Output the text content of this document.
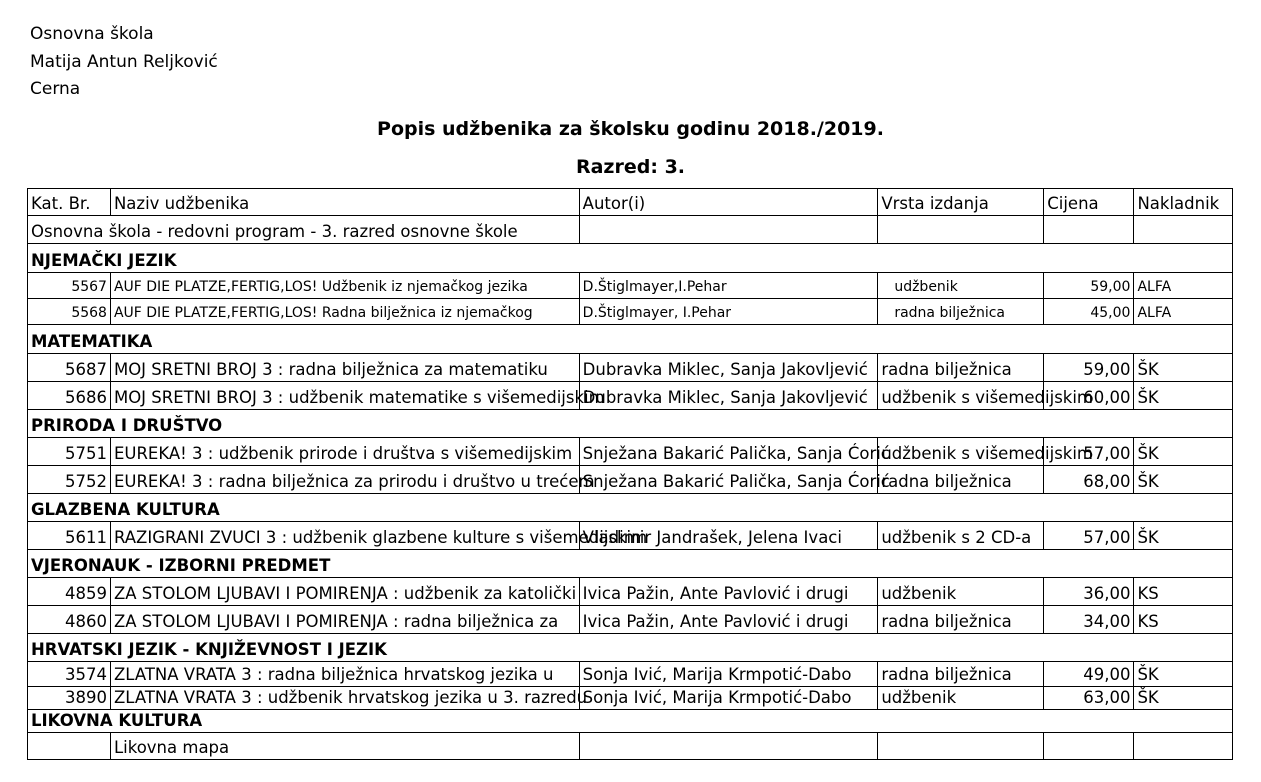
Osnovna škola
Matija Antun Reljković
Cerna
Popis udžbenika za školsku godinu 2018./2019.
Razred: 3.
Kat. Br.	Naziv udžbenika	Autor(i)	Vrsta izdanja	Cijena	Nakladnik
Osnovna škola - redovni program - 3. razred osnovne škole					
NJEMAČKI JEZIK					
5567	AUF DIE PLATZE,FERTIG,LOS! Udžbenik iz njemačkog jezika	D.Štiglmayer,I.Pehar	udžbenik	59,00	ALFA
5568	AUF DIE PLATZE,FERTIG,LOS! Radna bilježnica iz njemačkog	D.Štiglmayer, I.Pehar	radna bilježnica	45,00	ALFA
MATEMATIKA					
5687	MOJ SRETNI BROJ 3 : radna bilježnica za matematiku	Dubravka Miklec, Sanja Jakovljević	radna bilježnica	59,00	ŠK
5686	MOJ SRETNI BROJ 3 : udžbenik matematike s višemedijskim	Dubravka Miklec, Sanja Jakovljević	udžbenik s višemedijskim	60,00	ŠK
PRIRODA I DRUŠTVO					
5751	EUREKA! 3 : udžbenik prirode i društva s višemedijskim	Snježana Bakarić Palička, Sanja Ćorić	udžbenik s višemedijskim	57,00	ŠK
5752	EUREKA! 3 : radna bilježnica za prirodu i društvo u trećem	Snježana Bakarić Palička, Sanja Ćorić	radna bilježnica	68,00	ŠK
GLAZBENA KULTURA					
5611	RAZIGRANI ZVUCI 3 : udžbenik glazbene kulture s višemedijskim	Vladimir Jandrašek, Jelena Ivaci	udžbenik s 2 CD-a	57,00	ŠK
VJERONAUK - IZBORNI PREDMET					
4859	ZA STOLOM LJUBAVI I POMIRENJA : udžbenik za katolički	Ivica Pažin, Ante Pavlović i drugi	udžbenik	36,00	KS
4860	ZA STOLOM LJUBAVI I POMIRENJA : radna bilježnica za	Ivica Pažin, Ante Pavlović i drugi	radna bilježnica	34,00	KS
HRVATSKI JEZIK - KNJIŽEVNOST I JEZIK					
3574	ZLATNA VRATA 3 : radna bilježnica hrvatskog jezika u	Sonja Ivić, Marija Krmpotić-Dabo	radna bilježnica	49,00	ŠK
3890	ZLATNA VRATA 3 : udžbenik hrvatskog jezika u 3. razredu	Sonja Ivić, Marija Krmpotić-Dabo	udžbenik	63,00	ŠK
LIKOVNA KULTURA					
	Likovna mapa				
